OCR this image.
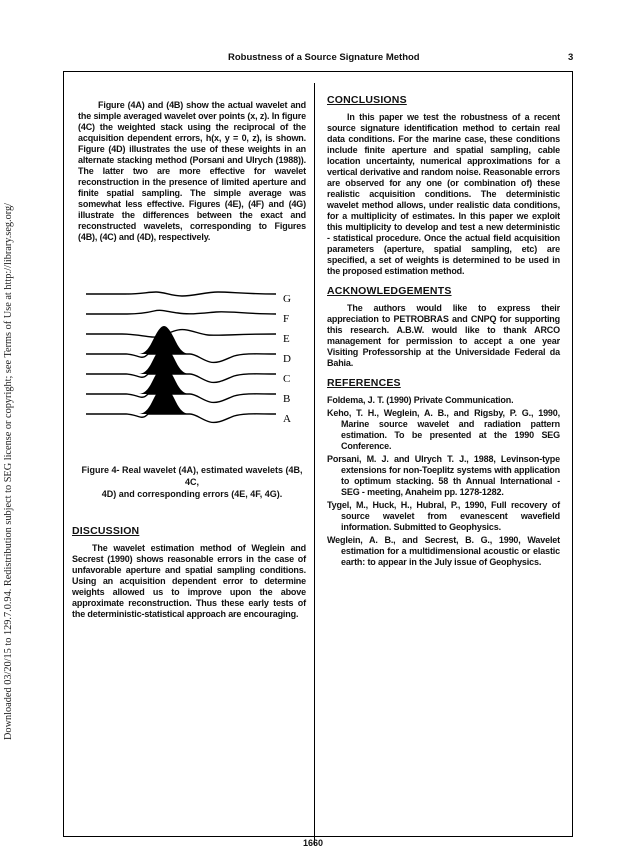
Downloaded 03/20/15 to 129.7.0.94. Redistribution subject to SEG license or copyright; see Terms of Use at http://library.seg.org/
Robustness of a Source Signature Method	3

Figure (4A) and (4B) show the actual wavelet and the simple averaged wavelet over points (x, z). In figure (4C) the weighted stack using the reciprocal of the acquisition dependent errors, h(x, y = 0, z), is shown. Figure (4D) illustrates the use of these weights in an alternate stacking method (Porsani and Ulrych (1988)). The latter two are more effective for wavelet reconstruction in the presence of limited aperture and finite spatial sampling. The simple average was somewhat less effective. Figures (4E), (4F) and (4G) illustrate the differences between the exact and reconstructed wavelets, corresponding to Figures (4B), (4C) and (4D), respectively.

G
F
E
D
C
B
A
Figure 4- Real wavelet (4A), estimated wavelets (4B, 4C,
4D) and corresponding errors (4E, 4F, 4G).
DISCUSSION

The wavelet estimation method of Weglein and Secrest (1990) shows reasonable errors in the case of unfavorable aperture and spatial sampling conditions. Using an acquisition dependent error to determine weights allowed us to improve upon the above approximate reconstruction. Thus these early tests of the deterministic-statistical approach are encouraging.

CONCLUSIONS

In this paper we test the robustness of a recent source signature identification method to certain real data conditions. For the marine case, these conditions include finite aperture and spatial sampling, cable location uncertainty, numerical approximations for a vertical derivative and random noise. Reasonable errors are observed for any one (or combination of) these realistic acquisition conditions. The deterministic wavelet method allows, under realistic data conditions, for a multiplicity of estimates. In this paper we exploit this multiplicity to develop and test a new deterministic - statistical procedure. Once the actual field acquisition parameters (aperture, spatial sampling, etc) are specified, a set of weights is determined to be used in the proposed estimation method.

ACKNOWLEDGEMENTS

The authors would like to express their appreciation to PETROBRAS and CNPQ for supporting this research. A.B.W. would like to thank ARCO management for permission to accept a one year Visiting Professorship at the Universidade Federal da Bahia.

REFERENCES
Foldema, J. T. (1990) Private Communication.
Keho, T. H., Weglein, A. B., and Rigsby, P. G., 1990, Marine source wavelet and radiation pattern estimation. To be presented at the 1990 SEG Conference.
Porsani, M. J. and Ulrych T. J., 1988, Levinson-type extensions for non-Toeplitz systems with application to optimum stacking. 58 th Annual International - SEG - meeting, Anaheim pp. 1278-1282.
Tygel, M., Huck, H., Hubral, P., 1990, Full recovery of source wavelet from evanescent wavefield information. Submitted to Geophysics.
Weglein, A. B., and Secrest, B. G., 1990, Wavelet estimation for a multidimensional acoustic or elastic earth: to appear in the July issue of Geophysics.
1660
